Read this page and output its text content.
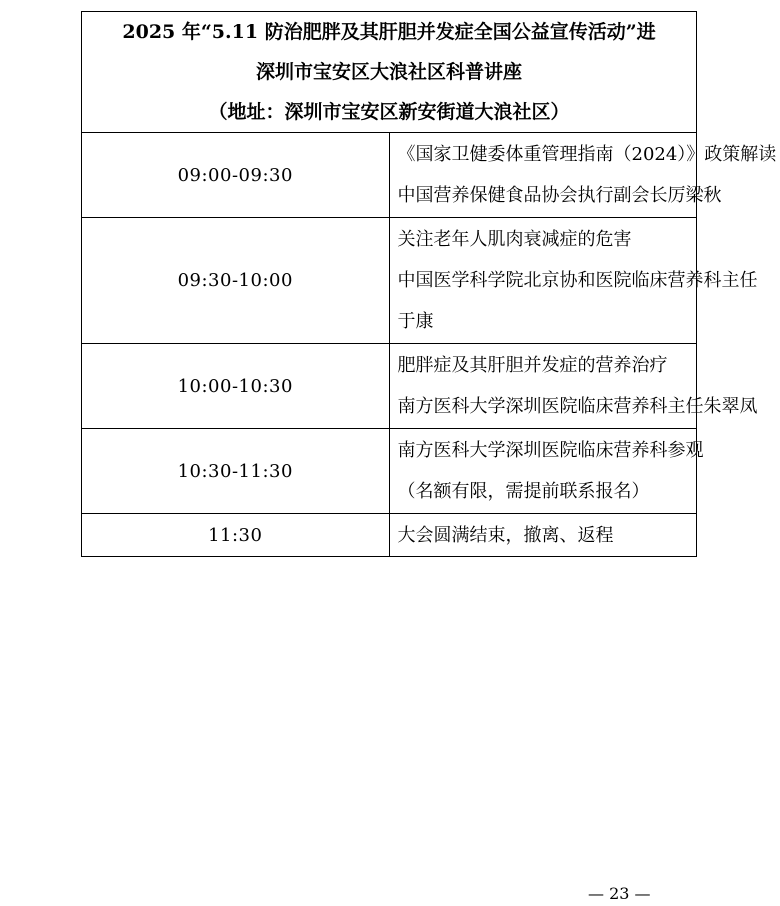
2025 年“5.11 防治肥胖及其肝胆并发症全国公益宣传活动”进
深圳市宝安区大浪社区科普讲座
（地址：深圳市宝安区新安街道大浪社区）	

09:00-09:30	《国家卫健委体重管理指南（2024）》政策解读
中国营养保健食品协会执行副会长厉梁秋

09:30-10:00	关注老年人肌肉衰减症的危害
中国医学科学院北京协和医院临床营养科主任
于康

10:00-10:30	肥胖症及其肝胆并发症的营养治疗
南方医科大学深圳医院临床营养科主任朱翠凤

10:30-11:30	南方医科大学深圳医院临床营养科参观
（名额有限，需提前联系报名）

11:30	大会圆满结束，撤离、返程
— 23 —
